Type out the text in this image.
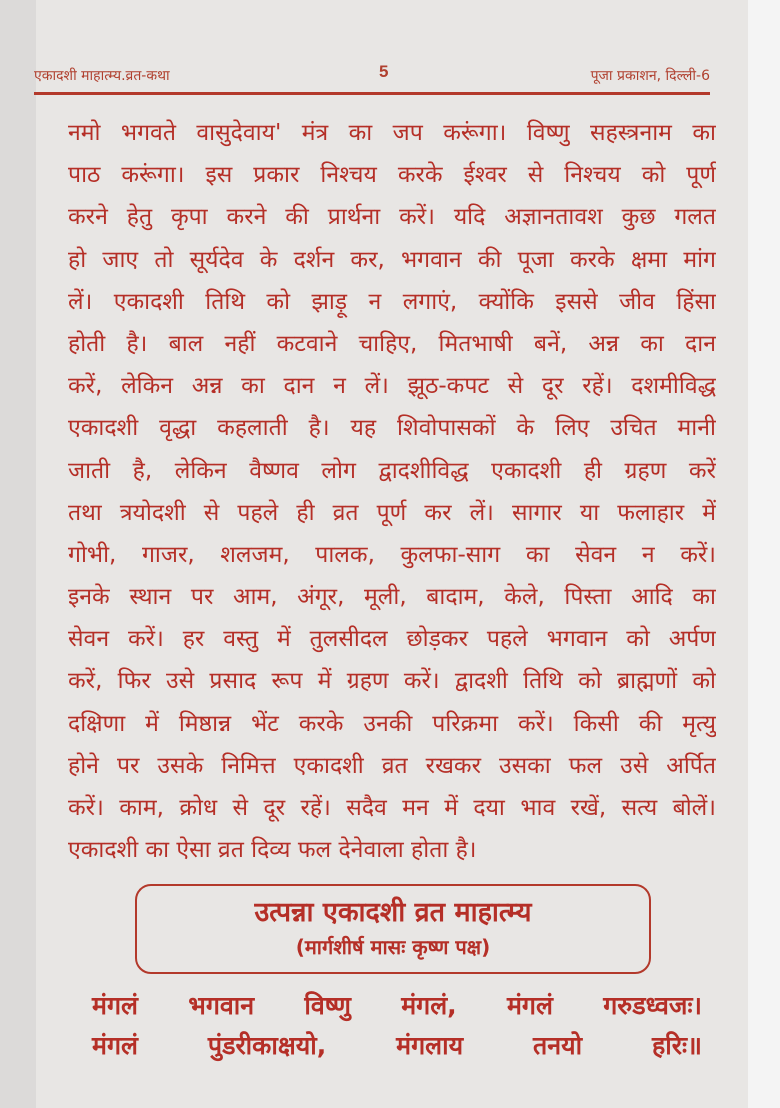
एकादशी माहात्म्य.व्रत-कथा	5	पूजा प्रकाशन, दिल्ली-6
नमो भगवते वासुदेवाय' मंत्र का जप करूंगा। विष्णु सहस्त्रनाम का
पाठ करूंगा। इस प्रकार निश्चय करके ईश्वर से निश्चय को पूर्ण
करने हेतु कृपा करने की प्रार्थना करें। यदि अज्ञानतावश कुछ गलत
हो जाए तो सूर्यदेव के दर्शन कर, भगवान की पूजा करके क्षमा मांग
लें। एकादशी तिथि को झाड़ू न लगाएं, क्योंकि इससे जीव हिंसा
होती है। बाल नहीं कटवाने चाहिए, मितभाषी बनें, अन्न का दान
करें, लेकिन अन्न का दान न लें। झूठ-कपट से दूर रहें। दशमीविद्ध
एकादशी वृद्धा कहलाती है। यह शिवोपासकों के लिए उचित मानी
जाती है, लेकिन वैष्णव लोग द्वादशीविद्ध एकादशी ही ग्रहण करें
तथा त्रयोदशी से पहले ही व्रत पूर्ण कर लें। सागार या फलाहार में
गोभी, गाजर, शलजम, पालक, कुलफा-साग का सेवन न करें।
इनके स्थान पर आम, अंगूर, मूली, बादाम, केले, पिस्ता आदि का
सेवन करें। हर वस्तु में तुलसीदल छोड़कर पहले भगवान को अर्पण
करें, फिर उसे प्रसाद रूप में ग्रहण करें। द्वादशी तिथि को ब्राह्मणों को
दक्षिणा में मिष्ठान्न भेंट करके उनकी परिक्रमा करें। किसी की मृत्यु
होने पर उसके निमित्त एकादशी व्रत रखकर उसका फल उसे अर्पित
करें। काम, क्रोध से दूर रहें। सदैव मन में दया भाव रखें, सत्य बोलें।
एकादशी का ऐसा व्रत दिव्य फल देनेवाला होता है।
उत्पन्ना एकादशी व्रत माहात्म्य
(मार्गशीर्ष मासः कृष्ण पक्ष)
मंगलं भगवान विष्णु मंगलं, मंगलं गरुडध्वजः।
मंगलं पुंडरीकाक्षयो, मंगलाय तनयो हरिः॥
